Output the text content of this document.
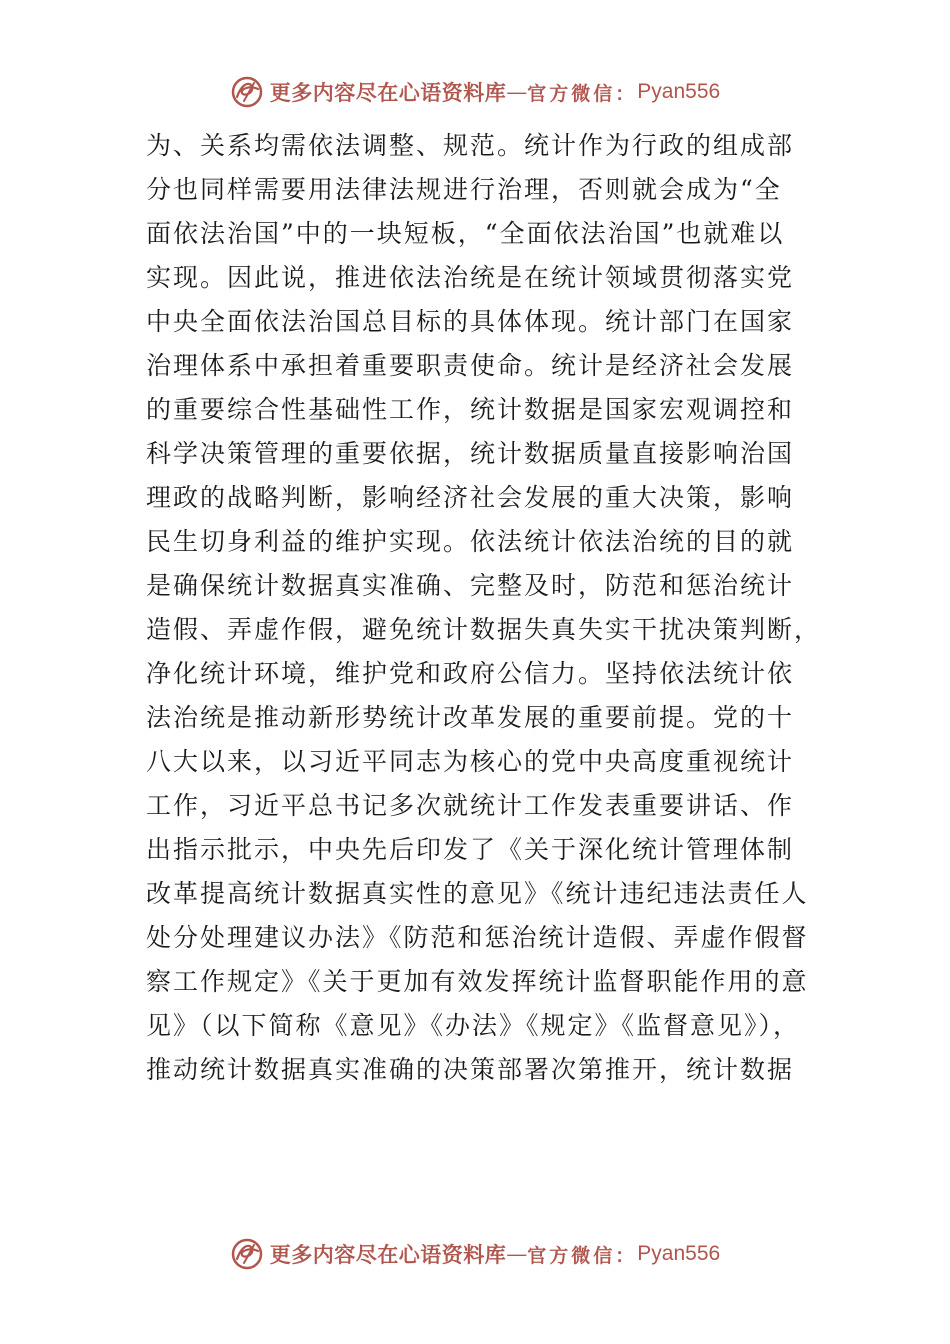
更多内容尽在心语资料库 — 官方微信： Pyan556
为、关系均需依法调整、规范。统计作为行政的组成部
分也同样需要用法律法规进行治理，否则就会成为“全
面依法治国”中的一块短板，“全面依法治国”也就难以
实现。因此说，推进依法治统是在统计领域贯彻落实党
中央全面依法治国总目标的具体体现。统计部门在国家
治理体系中承担着重要职责使命。统计是经济社会发展
的重要综合性基础性工作，统计数据是国家宏观调控和
科学决策管理的重要依据，统计数据质量直接影响治国
理政的战略判断，影响经济社会发展的重大决策，影响
民生切身利益的维护实现。依法统计依法治统的目的就
是确保统计数据真实准确、完整及时，防范和惩治统计
造假、弄虚作假，避免统计数据失真失实干扰决策判断，
净化统计环境，维护党和政府公信力。坚持依法统计依
法治统是推动新形势统计改革发展的重要前提。党的十
八大以来，以习近平同志为核心的党中央高度重视统计
工作，习近平总书记多次就统计工作发表重要讲话、作
出指示批示，中央先后印发了《关于深化统计管理体制
改革提高统计数据真实性的意见》《统计违纪违法责任人
处分处理建议办法》《防范和惩治统计造假、弄虚作假督
察工作规定》《关于更加有效发挥统计监督职能作用的意
见》（以下简称《意见》《办法》《规定》《监督意见》），
推动统计数据真实准确的决策部署次第推开，统计数据
更多内容尽在心语资料库 — 官方微信： Pyan556
